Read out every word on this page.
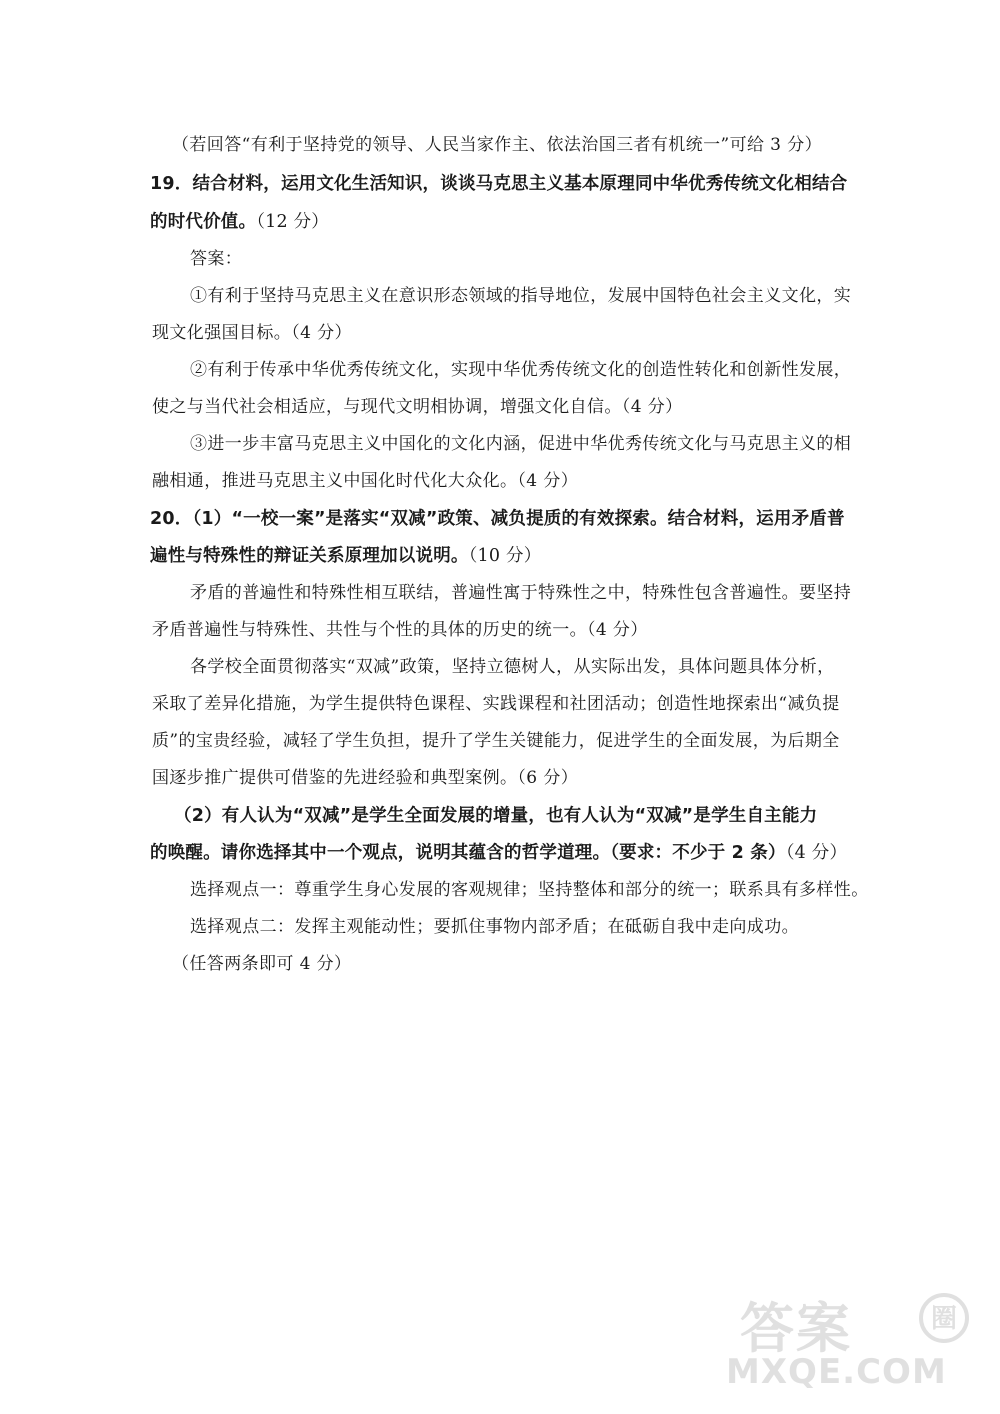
（若回答“有利于坚持党的领导、人民当家作主、依法治国三者有机统一”可给 3 分）
19．结合材料，运用文化生活知识，谈谈马克思主义基本原理同中华优秀传统文化相结合
的时代价值。（12 分）
答案：
①有利于坚持马克思主义在意识形态领域的指导地位，发展中国特色社会主义文化，实
现文化强国目标。（4 分）
②有利于传承中华优秀传统文化，实现中华优秀传统文化的创造性转化和创新性发展，
使之与当代社会相适应，与现代文明相协调，增强文化自信。（4 分）
③进一步丰富马克思主义中国化的文化内涵，促进中华优秀传统文化与马克思主义的相
融相通，推进马克思主义中国化时代化大众化。（4 分）
20．（1）“一校一案”是落实“双减”政策、减负提质的有效探索。结合材料，运用矛盾普
遍性与特殊性的辩证关系原理加以说明。（10 分）
矛盾的普遍性和特殊性相互联结，普遍性寓于特殊性之中，特殊性包含普遍性。要坚持
矛盾普遍性与特殊性、共性与个性的具体的历史的统一。（4 分）
各学校全面贯彻落实“双减”政策，坚持立德树人，从实际出发，具体问题具体分析，
采取了差异化措施，为学生提供特色课程、实践课程和社团活动；创造性地探索出“减负提
质”的宝贵经验，减轻了学生负担，提升了学生关键能力，促进学生的全面发展，为后期全
国逐步推广提供可借鉴的先进经验和典型案例。（6 分）
（2）有人认为“双减”是学生全面发展的增量，也有人认为“双减”是学生自主能力
的唤醒。请你选择其中一个观点，说明其蕴含的哲学道理。（要求：不少于 2 条）（4 分）
选择观点一：尊重学生身心发展的客观规律；坚持整体和部分的统一；联系具有多样性。
选择观点二：发挥主观能动性；要抓住事物内部矛盾；在砥砺自我中走向成功。
（任答两条即可 4 分）
答案	圈
MXQE.COM
